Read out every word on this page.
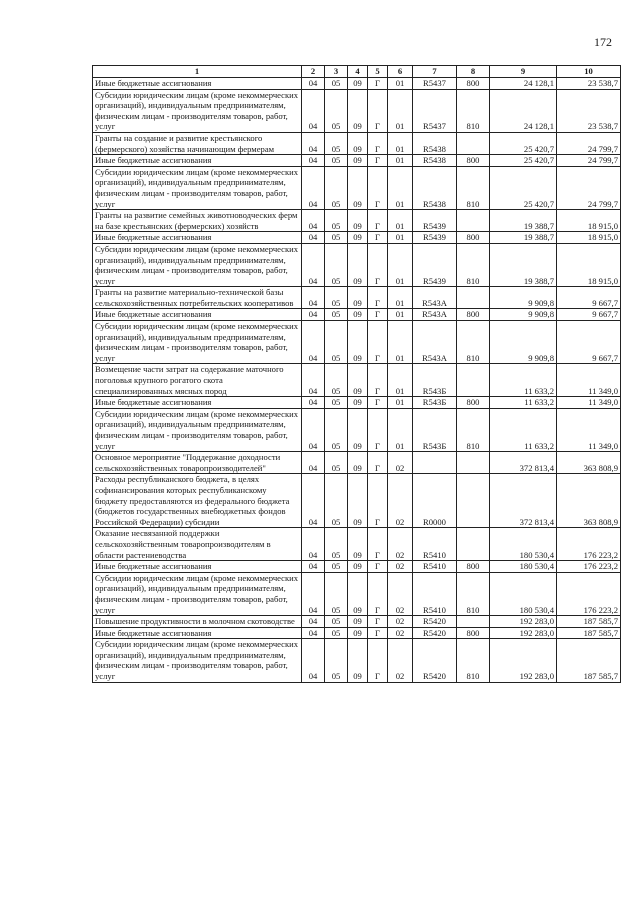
172
1	2	3	4	5	6	7	8	9	10
Иные бюджетные ассигнования	04	05	09	Г	01	R5437	800	24 128,1	23 538,7
Субсидии юридическим лицам (кроме некоммерческих организаций), индивидуальным предпринимателям, физическим лицам - производителям товаров, работ, услуг	04	05	09	Г	01	R5437	810	24 128,1	23 538,7
Гранты на создание и развитие крестьянского (фермерского) хозяйства начинающим фермерам	04	05	09	Г	01	R5438		25 420,7	24 799,7
Иные бюджетные ассигнования	04	05	09	Г	01	R5438	800	25 420,7	24 799,7
Субсидии юридическим лицам (кроме некоммерческих организаций), индивидуальным предпринимателям, физическим лицам - производителям товаров, работ, услуг	04	05	09	Г	01	R5438	810	25 420,7	24 799,7
Гранты на развитие семейных животноводческих ферм на базе крестьянских (фермерских) хозяйств	04	05	09	Г	01	R5439		19 388,7	18 915,0
Иные бюджетные ассигнования	04	05	09	Г	01	R5439	800	19 388,7	18 915,0
Субсидии юридическим лицам (кроме некоммерческих организаций), индивидуальным предпринимателям, физическим лицам - производителям товаров, работ, услуг	04	05	09	Г	01	R5439	810	19 388,7	18 915,0
Гранты на развитие материально-технической базы сельскохозяйственных потребительских кооперативов	04	05	09	Г	01	R543А		9 909,8	9 667,7
Иные бюджетные ассигнования	04	05	09	Г	01	R543А	800	9 909,8	9 667,7
Субсидии юридическим лицам (кроме некоммерческих организаций), индивидуальным предпринимателям, физическим лицам - производителям товаров, работ, услуг	04	05	09	Г	01	R543А	810	9 909,8	9 667,7
Возмещение части затрат на содержание маточного поголовья крупного рогатого скота специализированных мясных пород	04	05	09	Г	01	R543Б		11 633,2	11 349,0
Иные бюджетные ассигнования	04	05	09	Г	01	R543Б	800	11 633,2	11 349,0
Субсидии юридическим лицам (кроме некоммерческих организаций), индивидуальным предпринимателям, физическим лицам - производителям товаров, работ, услуг	04	05	09	Г	01	R543Б	810	11 633,2	11 349,0
Основное мероприятие "Поддержание доходности сельскохозяйственных товаропроизводителей"	04	05	09	Г	02			372 813,4	363 808,9
Расходы республиканского бюджета, в целях софинансирования которых республиканскому бюджету предоставляются из федерального бюджета (бюджетов государственных внебюджетных фондов Российской Федерации) субсидии	04	05	09	Г	02	R0000		372 813,4	363 808,9
Оказание несвязанной поддержки сельскохозяйственным товаропроизводителям в области растениеводства	04	05	09	Г	02	R5410		180 530,4	176 223,2
Иные бюджетные ассигнования	04	05	09	Г	02	R5410	800	180 530,4	176 223,2
Субсидии юридическим лицам (кроме некоммерческих организаций), индивидуальным предпринимателям, физическим лицам - производителям товаров, работ, услуг	04	05	09	Г	02	R5410	810	180 530,4	176 223,2
Повышение продуктивности в молочном скотоводстве	04	05	09	Г	02	R5420		192 283,0	187 585,7
Иные бюджетные ассигнования	04	05	09	Г	02	R5420	800	192 283,0	187 585,7
Субсидии юридическим лицам (кроме некоммерческих организаций), индивидуальным предпринимателям, физическим лицам - производителям товаров, работ, услуг	04	05	09	Г	02	R5420	810	192 283,0	187 585,7
